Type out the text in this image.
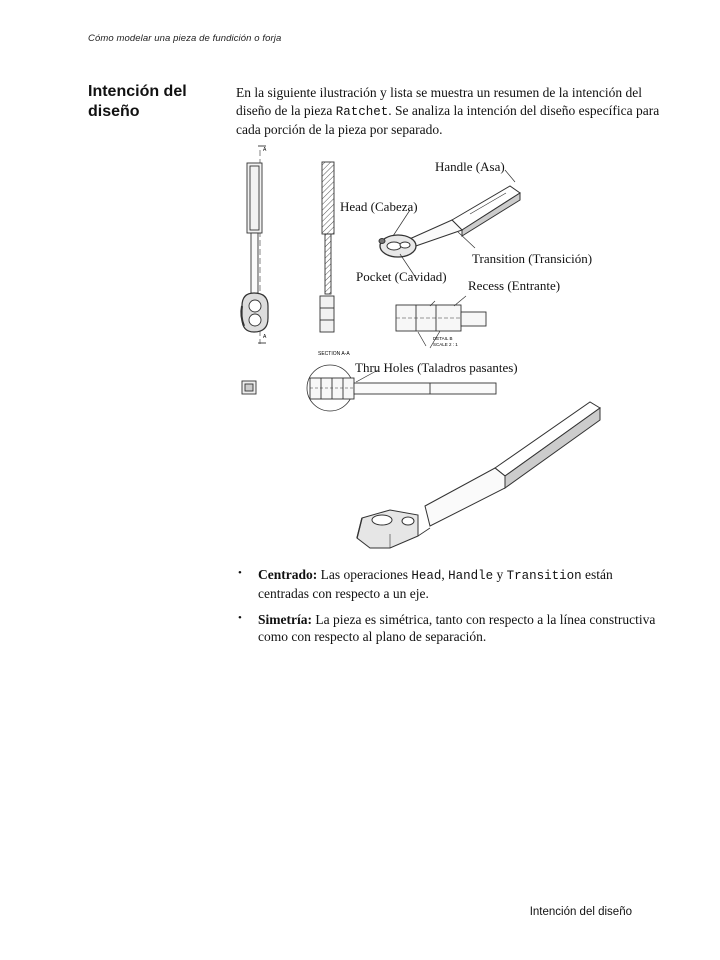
Cómo modelar una pieza de fundición o forja
Intención del diseño
En la siguiente ilustración y lista se muestra un resumen de la intención del diseño de la pieza Ratchet. Se analiza la intención del diseño específica para cada porción de la pieza por separado.
A
A
SECTION A-A
DETAIL B
SCALE 2 : 1
Handle (Asa)
Head (Cabeza)
Transition (Transición)
Pocket (Cavidad)
Recess (Entrante)
Thru Holes (Taladros pasantes)
• Centrado: Las operaciones Head, Handle y Transition están centradas con respecto a un eje.
• Simetría: La pieza es simétrica, tanto con respecto a la línea constructiva como con respecto al plano de separación.
Intención del diseño
